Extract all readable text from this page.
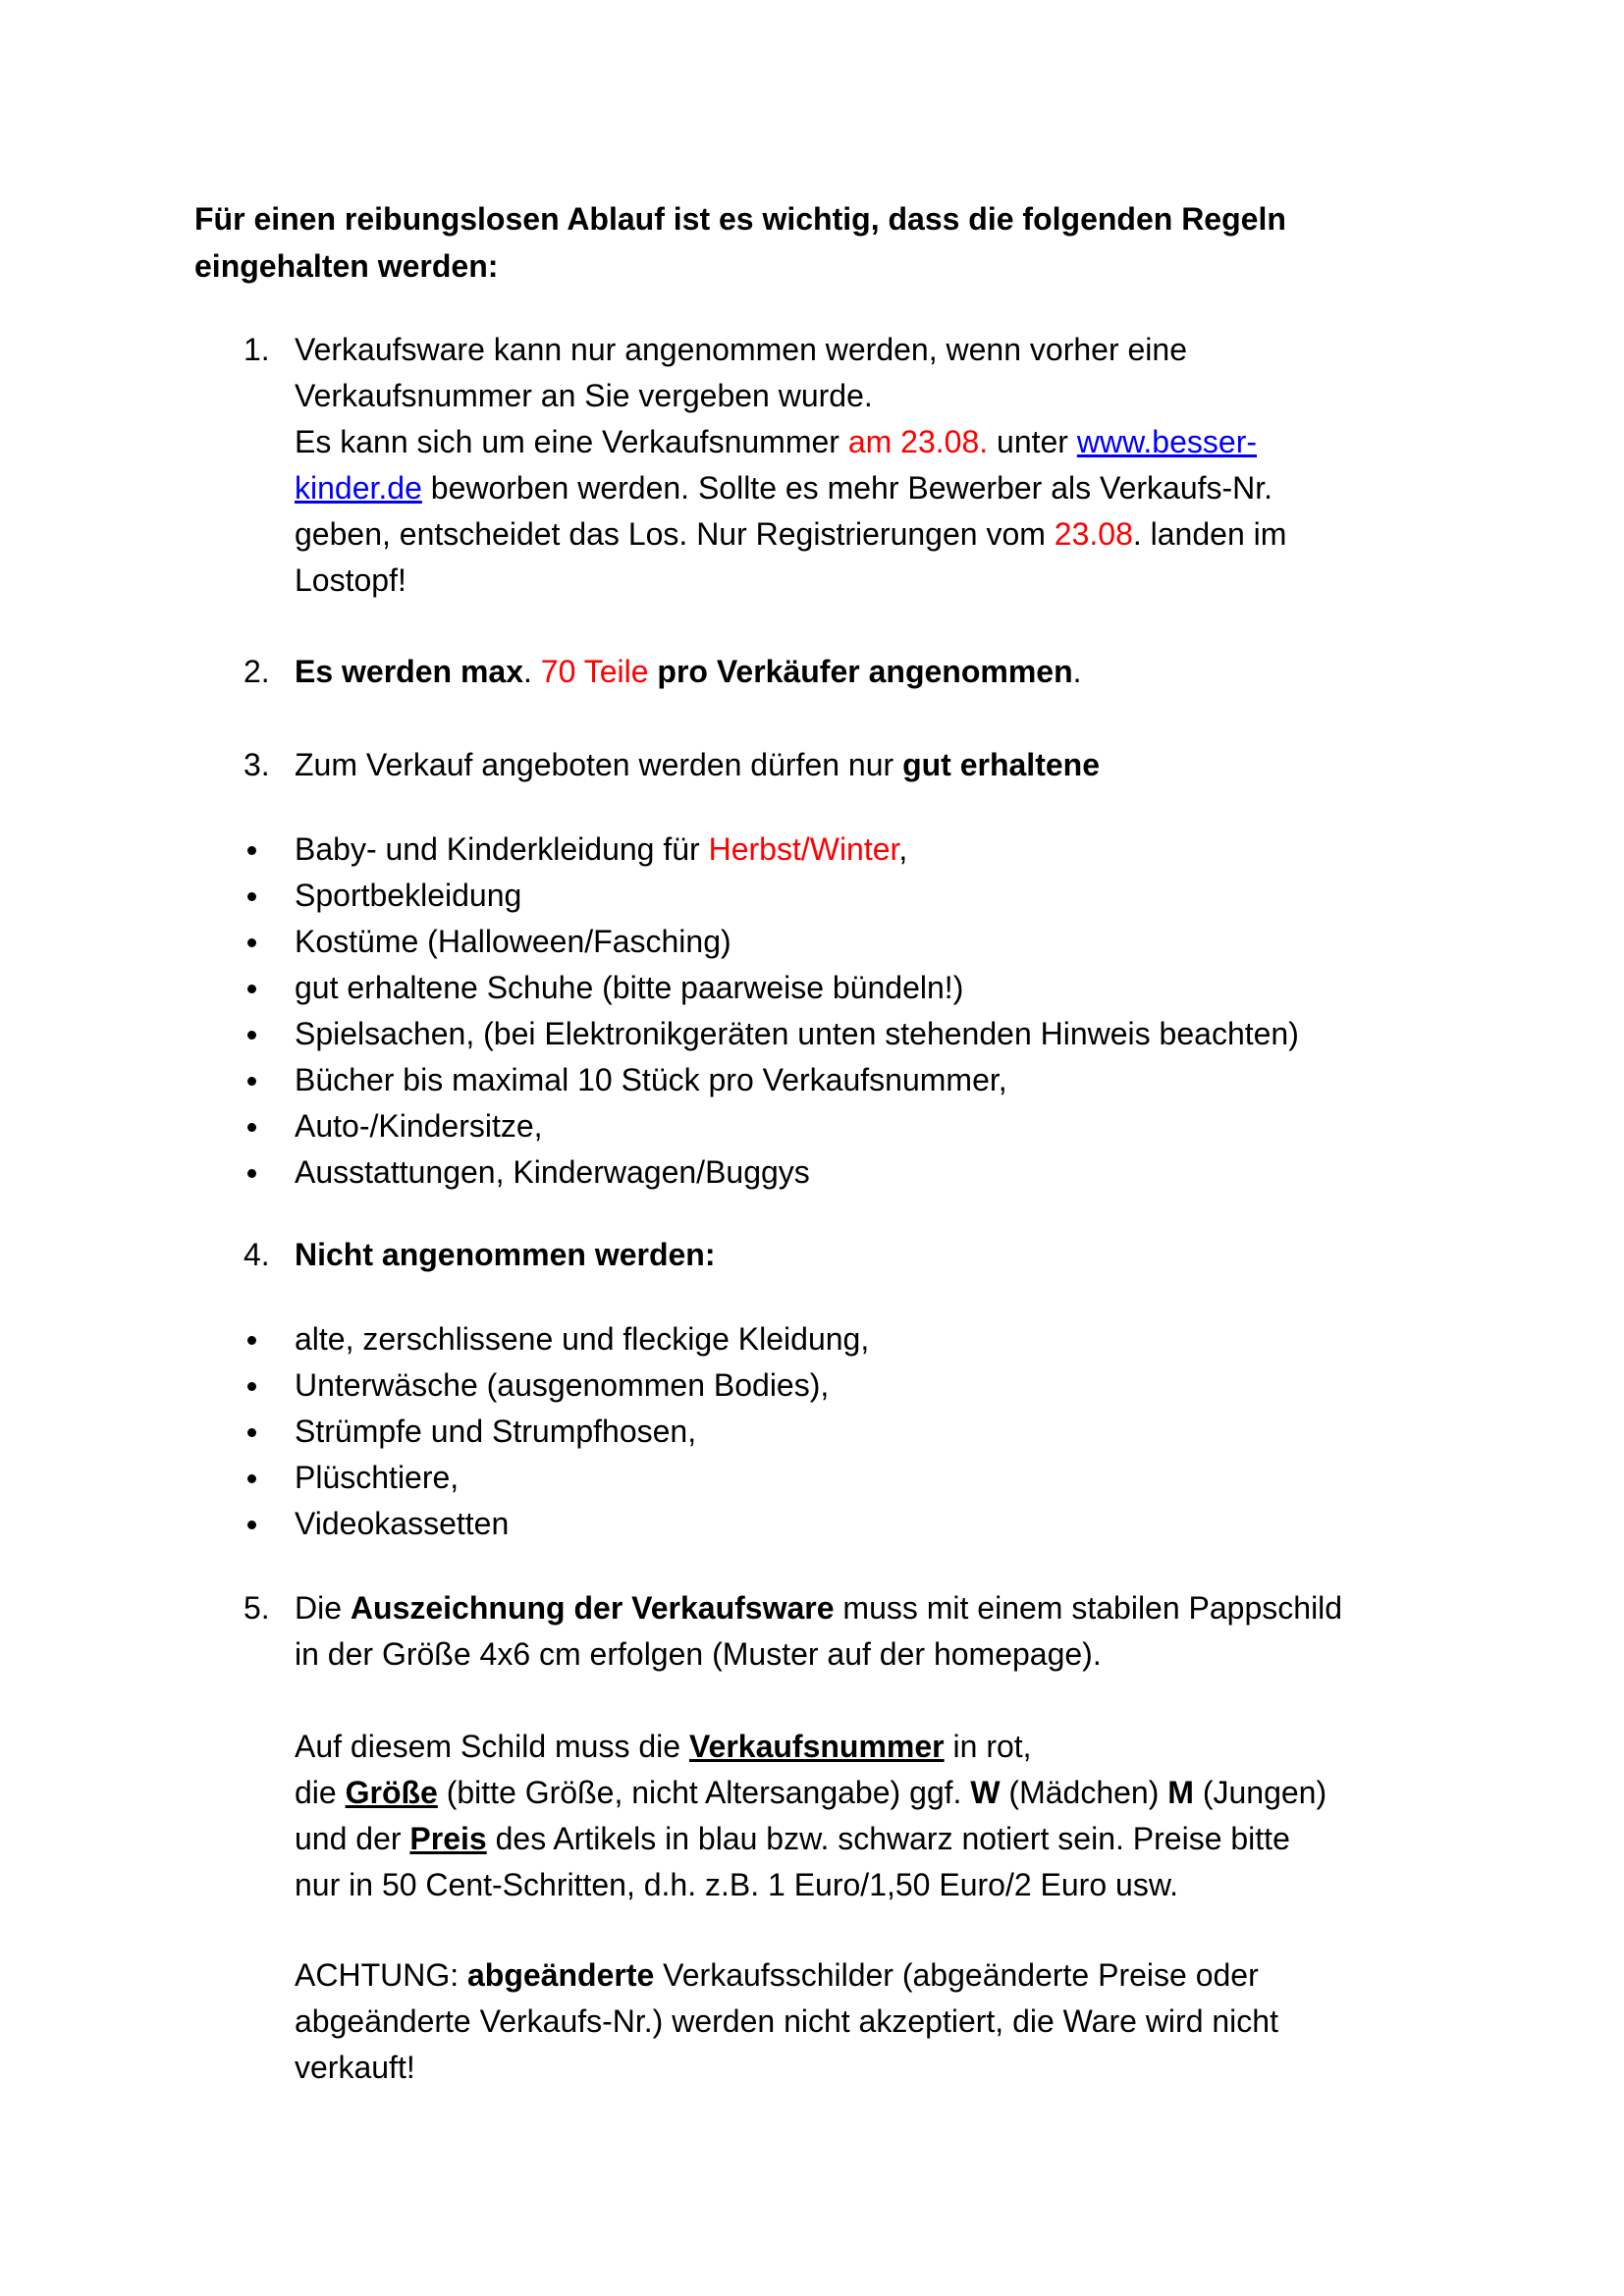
Für einen reibungslosen Ablauf ist es wichtig, dass die folgenden Regeln
eingehalten werden:
1. Verkaufsware kann nur angenommen werden, wenn vorher eine
Verkaufsnummer an Sie vergeben wurde.
Es kann sich um eine Verkaufsnummer am 23.08. unter www.besser-
kinder.de beworben werden. Sollte es mehr Bewerber als Verkaufs-Nr.
geben, entscheidet das Los. Nur Registrierungen vom 23.08. landen im
Lostopf!
2. Es werden max. 70 Teile pro Verkäufer angenommen.
3. Zum Verkauf angeboten werden dürfen nur gut erhaltene
Baby- und Kinderkleidung für Herbst/Winter,
Sportbekleidung
Kostüme (Halloween/Fasching)
gut erhaltene Schuhe (bitte paarweise bündeln!)
Spielsachen, (bei Elektronikgeräten unten stehenden Hinweis beachten)
Bücher bis maximal 10 Stück pro Verkaufsnummer,
Auto-/Kindersitze,
Ausstattungen, Kinderwagen/Buggys
4. Nicht angenommen werden:
alte, zerschlissene und fleckige Kleidung,
Unterwäsche (ausgenommen Bodies),
Strümpfe und Strumpfhosen,
Plüschtiere,
Videokassetten
5. Die Auszeichnung der Verkaufsware muss mit einem stabilen Pappschild
in der Größe 4x6 cm erfolgen (Muster auf der homepage).
Auf diesem Schild muss die Verkaufsnummer in rot,
die Größe (bitte Größe, nicht Altersangabe) ggf. W (Mädchen) M (Jungen)
und der Preis des Artikels in blau bzw. schwarz notiert sein. Preise bitte
nur in 50 Cent-Schritten, d.h. z.B. 1 Euro/1,50 Euro/2 Euro usw.
ACHTUNG: abgeänderte Verkaufsschilder (abgeänderte Preise oder
abgeänderte Verkaufs-Nr.) werden nicht akzeptiert, die Ware wird nicht
verkauft!
